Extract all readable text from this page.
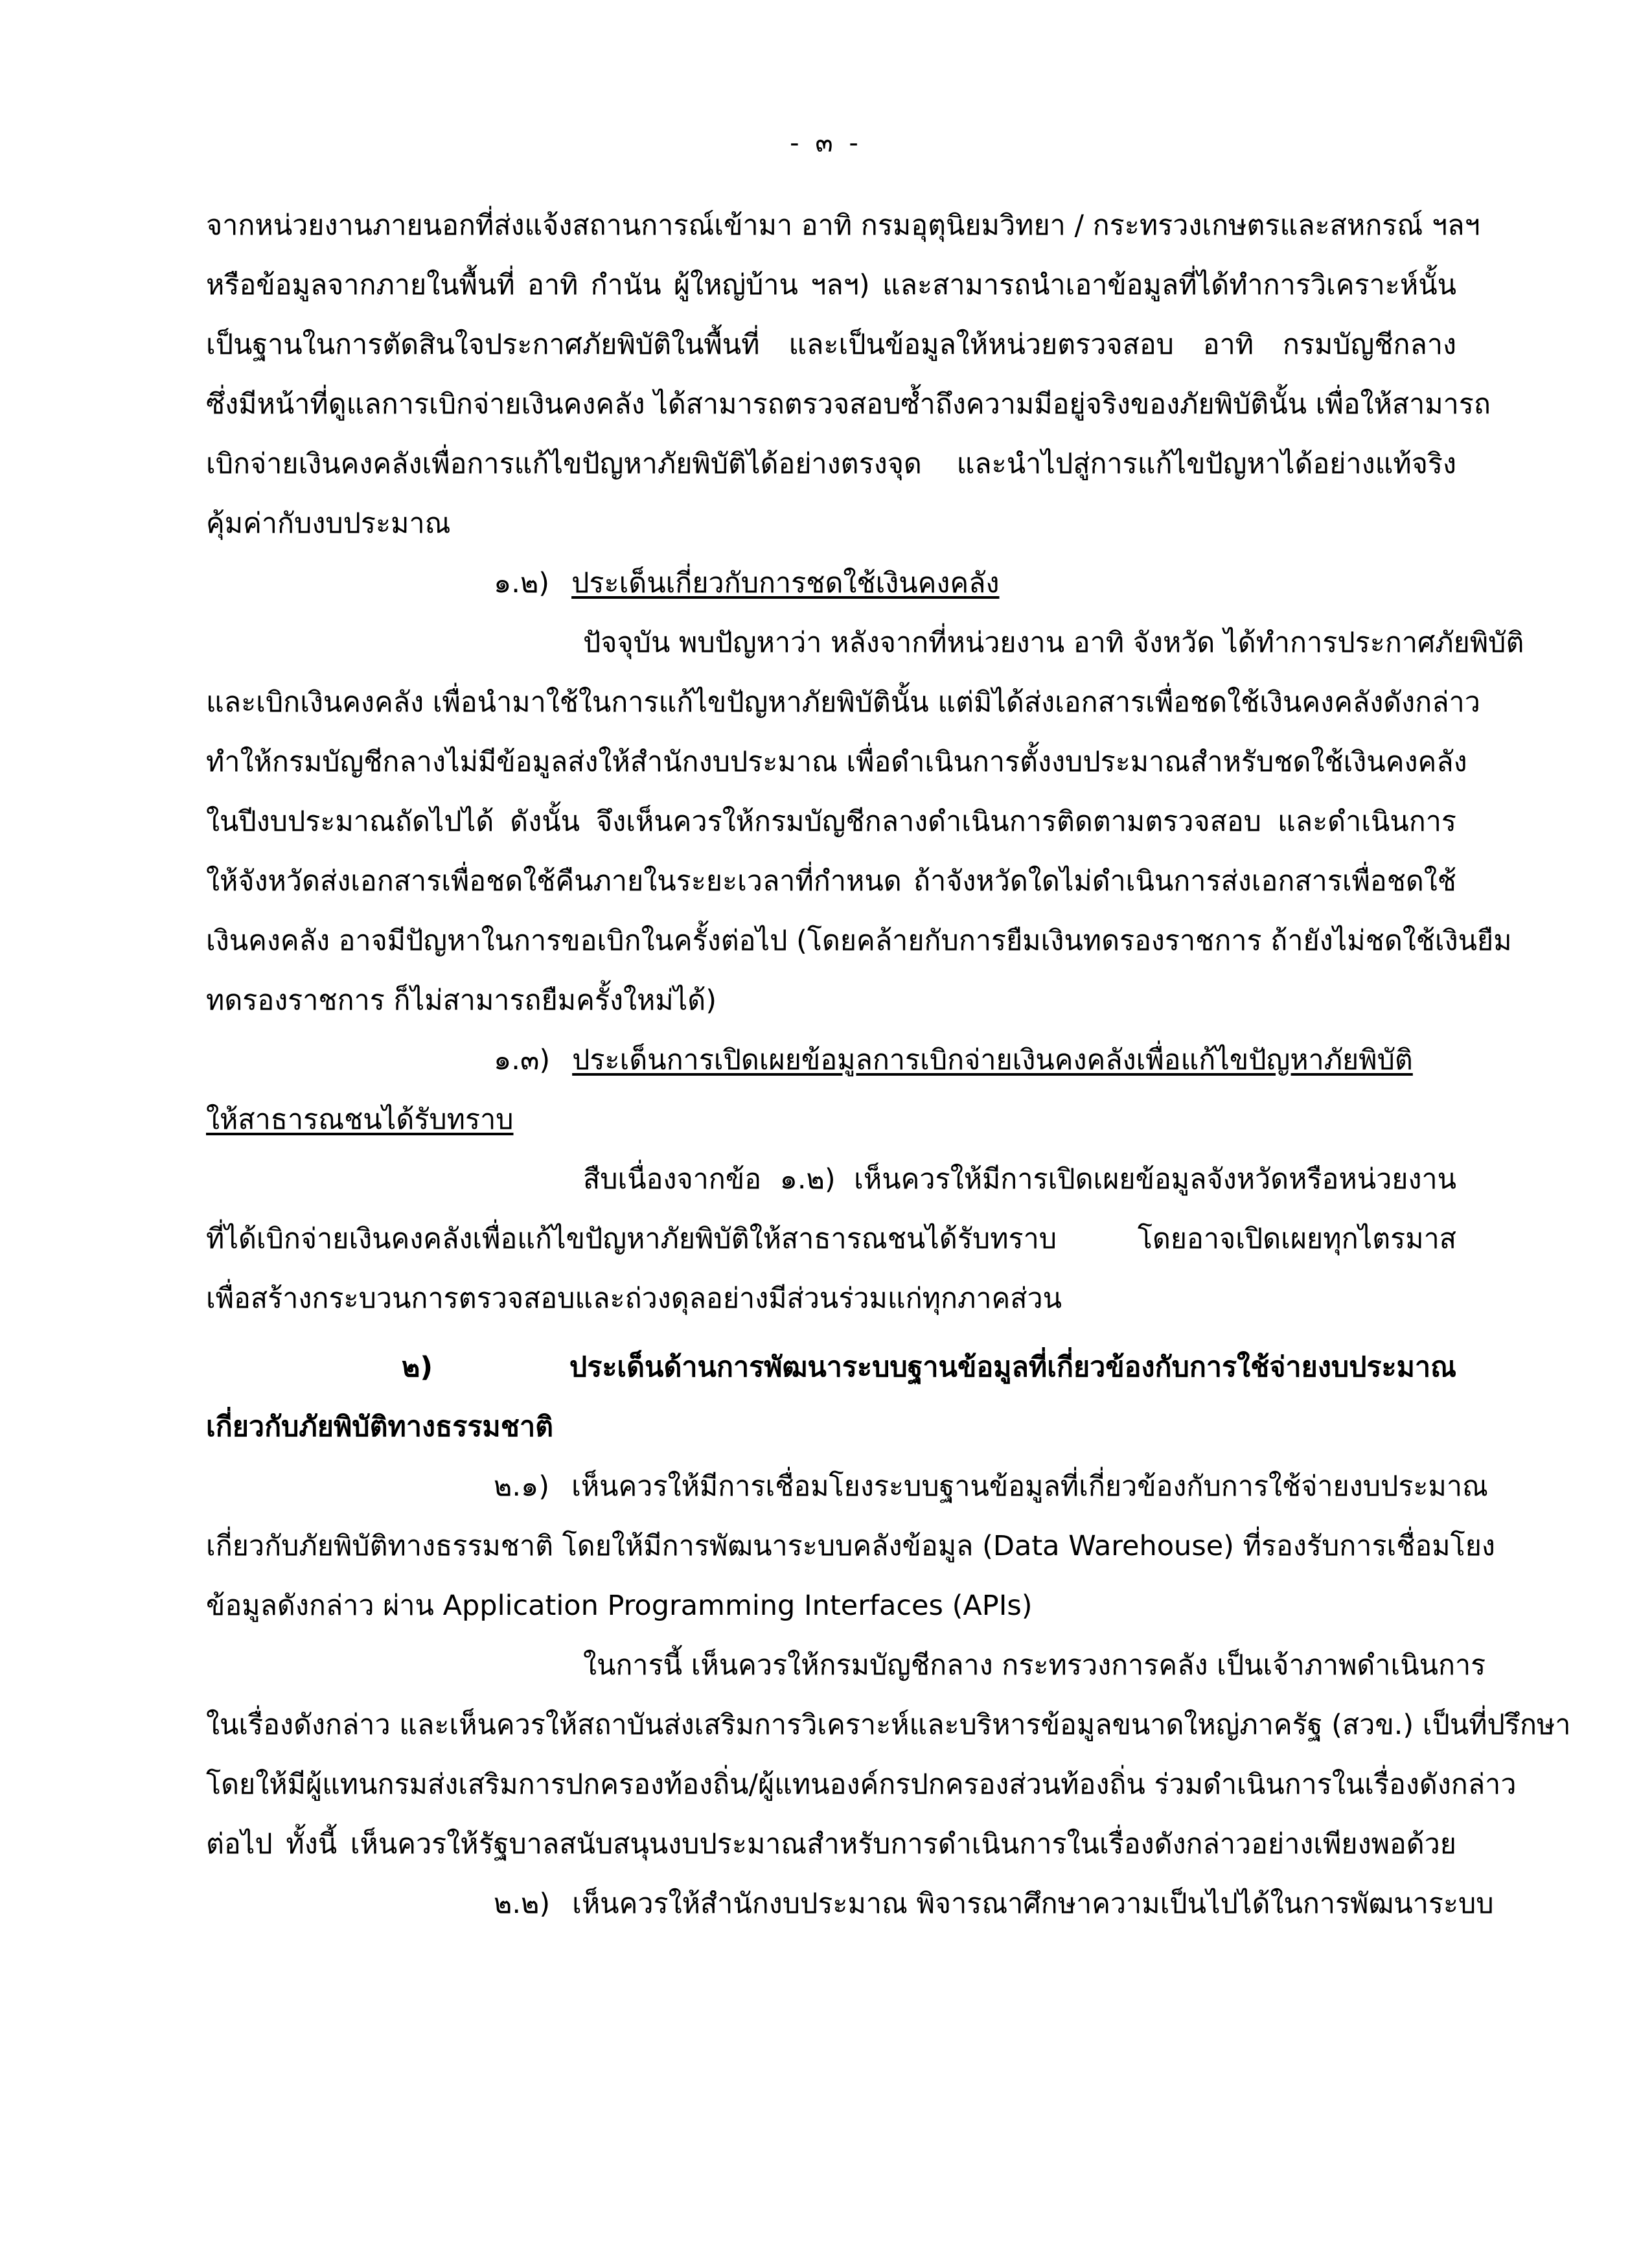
- ๓ -
จากหน่วยงานภายนอกที่ส่งแจ้งสถานการณ์เข้ามา อาทิ กรมอุตุนิยมวิทยา / กระทรวงเกษตรและสหกรณ์ ฯลฯ
หรือข้อมูลจากภายในพื้นที่ อาทิ กำนัน ผู้ใหญ่บ้าน ฯลฯ) และสามารถนำเอาข้อมูลที่ได้ทำการวิเคราะห์นั้น
เป็นฐานในการตัดสินใจประกาศภัยพิบัติในพื้นที่ และเป็นข้อมูลให้หน่วยตรวจสอบ อาทิ กรมบัญชีกลาง
ซึ่งมีหน้าที่ดูแลการเบิกจ่ายเงินคงคลัง ได้สามารถตรวจสอบซ้ำถึงความมีอยู่จริงของภัยพิบัตินั้น เพื่อให้สามารถ
เบิกจ่ายเงินคงคลังเพื่อการแก้ไขปัญหาภัยพิบัติได้อย่างตรงจุด และนำไปสู่การแก้ไขปัญหาได้อย่างแท้จริง
คุ้มค่ากับงบประมาณ
๑.๒) ประเด็นเกี่ยวกับการชดใช้เงินคงคลัง
ปัจจุบัน พบปัญหาว่า หลังจากที่หน่วยงาน อาทิ จังหวัด ได้ทำการประกาศภัยพิบัติ
และเบิกเงินคงคลัง เพื่อนำมาใช้ในการแก้ไขปัญหาภัยพิบัตินั้น แต่มิได้ส่งเอกสารเพื่อชดใช้เงินคงคลังดังกล่าว
ทำให้กรมบัญชีกลางไม่มีข้อมูลส่งให้สำนักงบประมาณ เพื่อดำเนินการตั้งงบประมาณสำหรับชดใช้เงินคงคลัง
ในปีงบประมาณถัดไปได้ ดังนั้น จึงเห็นควรให้กรมบัญชีกลางดำเนินการติดตามตรวจสอบ และดำเนินการ
ให้จังหวัดส่งเอกสารเพื่อชดใช้คืนภายในระยะเวลาที่กำหนด ถ้าจังหวัดใดไม่ดำเนินการส่งเอกสารเพื่อชดใช้
เงินคงคลัง อาจมีปัญหาในการขอเบิกในครั้งต่อไป (โดยคล้ายกับการยืมเงินทดรองราชการ ถ้ายังไม่ชดใช้เงินยืม
ทดรองราชการ ก็ไม่สามารถยืมครั้งใหม่ได้)
๑.๓) ประเด็นการเปิดเผยข้อมูลการเบิกจ่ายเงินคงคลังเพื่อแก้ไขปัญหาภัยพิบัติ
ให้สาธารณชนได้รับทราบ
สืบเนื่องจากข้อ ๑.๒) เห็นควรให้มีการเปิดเผยข้อมูลจังหวัดหรือหน่วยงาน
ที่ได้เบิกจ่ายเงินคงคลังเพื่อแก้ไขปัญหาภัยพิบัติให้สาธารณชนได้รับทราบ โดยอาจเปิดเผยทุกไตรมาส
เพื่อสร้างกระบวนการตรวจสอบและถ่วงดุลอย่างมีส่วนร่วมแก่ทุกภาคส่วน
๒) ประเด็นด้านการพัฒนาระบบฐานข้อมูลที่เกี่ยวข้องกับการใช้จ่ายงบประมาณ
เกี่ยวกับภัยพิบัติทางธรรมชาติ
๒.๑) เห็นควรให้มีการเชื่อมโยงระบบฐานข้อมูลที่เกี่ยวข้องกับการใช้จ่ายงบประมาณ
เกี่ยวกับภัยพิบัติทางธรรมชาติ โดยให้มีการพัฒนาระบบคลังข้อมูล (Data Warehouse) ที่รองรับการเชื่อมโยง
ข้อมูลดังกล่าว ผ่าน Application Programming Interfaces (APIs)
ในการนี้ เห็นควรให้กรมบัญชีกลาง กระทรวงการคลัง เป็นเจ้าภาพดำเนินการ
ในเรื่องดังกล่าว และเห็นควรให้สถาบันส่งเสริมการวิเคราะห์และบริหารข้อมูลขนาดใหญ่ภาครัฐ (สวข.) เป็นที่ปรึกษา
โดยให้มีผู้แทนกรมส่งเสริมการปกครองท้องถิ่น/ผู้แทนองค์กรปกครองส่วนท้องถิ่น ร่วมดำเนินการในเรื่องดังกล่าว
ต่อไป ทั้งนี้ เห็นควรให้รัฐบาลสนับสนุนงบประมาณสำหรับการดำเนินการในเรื่องดังกล่าวอย่างเพียงพอด้วย
๒.๒) เห็นควรให้สำนักงบประมาณ พิจารณาศึกษาความเป็นไปได้ในการพัฒนาระบบ
